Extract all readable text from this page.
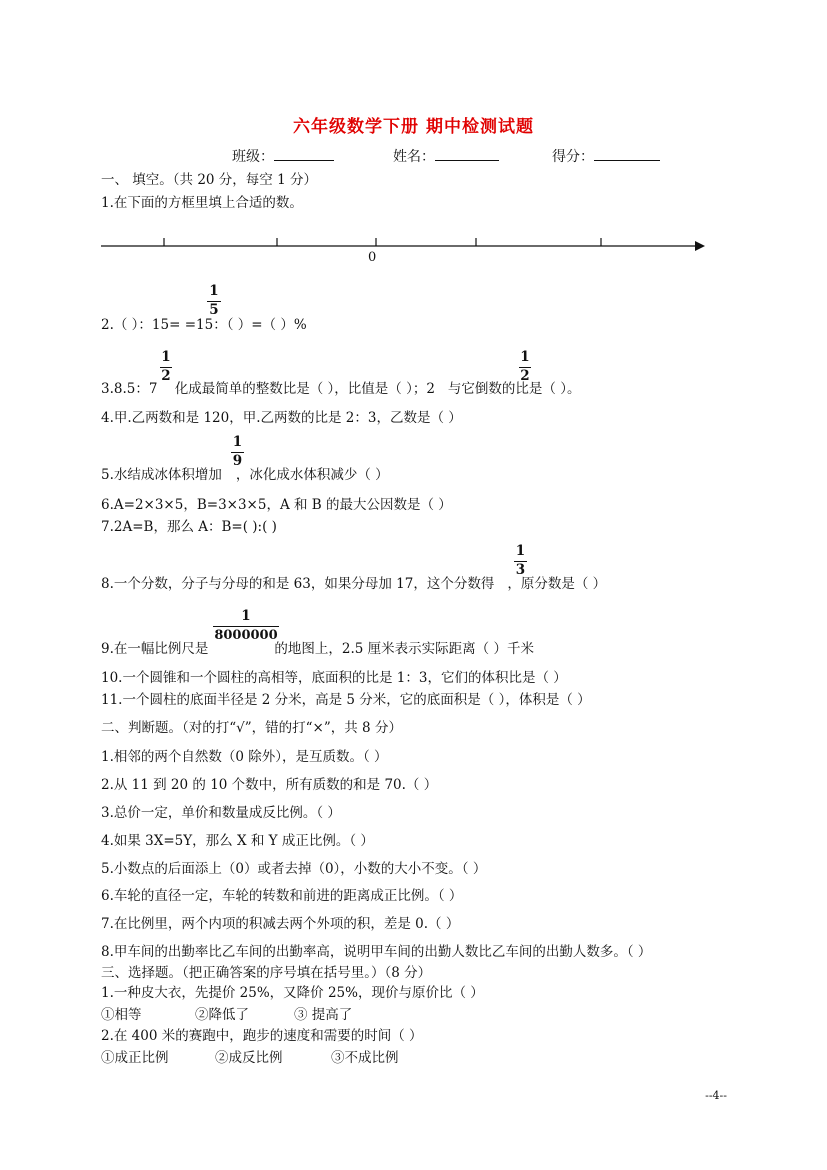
六年级数学下册 期中检测试题
班级：	姓名：	得分：
一、 填空。（共 20 分，每空 1 分）
1.在下面的方框里填上合适的数。
0
2.（ ）：15= =15：（ ）=（ ）%
1
5
3.8.5：7 化成最简单的整数比是（ ），比值是（ ）；2 与它倒数的比是（ ）。
1
2
1
2
4.甲.乙两数和是 120，甲.乙两数的比是 2：3，乙数是（ ）
5.水结成冰体积增加 ，冰化成水体积减少（ ）
1
9
6.A=2×3×5，B=3×3×5，A 和 B 的最大公因数是（ ）
7.2A=B，那么 A：B=( ):( )
8.一个分数，分子与分母的和是 63，如果分母加 17，这个分数得 ，原分数是（ ）
1
3
9.在一幅比例尺是	的地图上，2.5 厘米表示实际距离（ ）千米
1
8000000
10.一个圆锥和一个圆柱的高相等，底面积的比是 1：3，它们的体积比是（ ）
11.一个圆柱的底面半径是 2 分米，高是 5 分米，它的底面积是（ ），体积是（ ）
二、判断题。（对的打“√”，错的打“×”，共 8 分）
1.相邻的两个自然数（0 除外），是互质数。（ ）
2.从 11 到 20 的 10 个数中，所有质数的和是 70.（ ）
3.总价一定，单价和数量成反比例。（ ）
4.如果 3X=5Y，那么 X 和 Y 成正比例。（ ）
5.小数点的后面添上（0）或者去掉（0），小数的大小不变。（ ）
6.车轮的直径一定，车轮的转数和前进的距离成正比例。（ ）
7.在比例里，两个内项的积减去两个外项的积，差是 0.（ ）
8.甲车间的出勤率比乙车间的出勤率高，说明甲车间的出勤人数比乙车间的出勤人数多。（ ）
三、选择题。（把正确答案的序号填在括号里。）（8 分）
1.一种皮大衣，先提价 25%，又降价 25%，现价与原价比（ ）
①相等	②降低了	③ 提高了
2.在 400 米的赛跑中，跑步的速度和需要的时间（ ）
①成正比例	②成反比例	③不成比例
--4--
